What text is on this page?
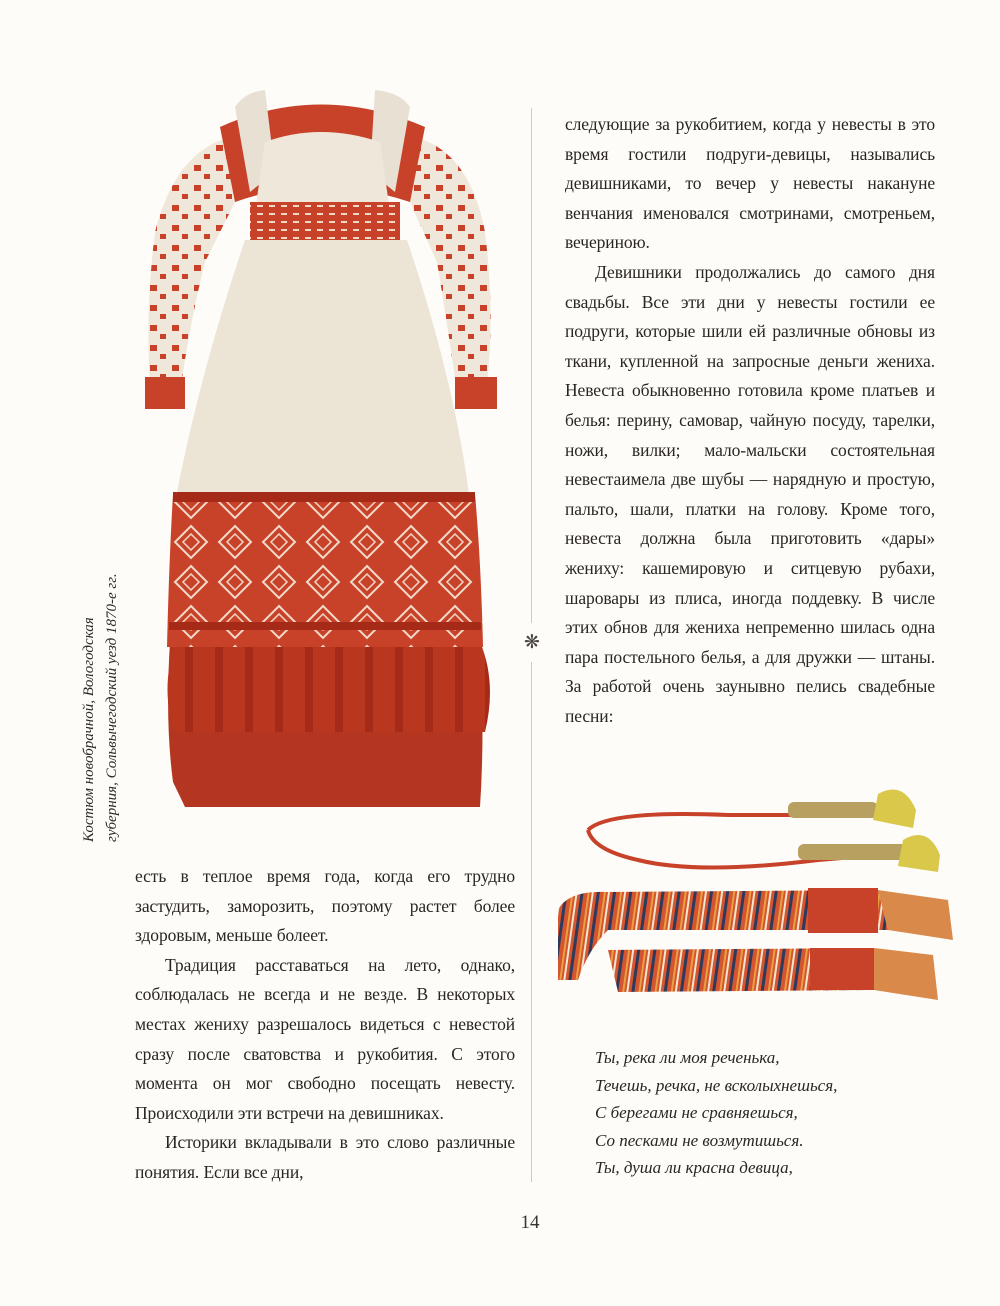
Костюм новобрачной, Вологодская губерния, Сольвычегодский уезд 1870-е гг.	❋

следующие за рукобитием, когда у невесты в это время гостили подруги-девицы, назывались девишниками, то вечер у невесты накануне венчания именовался смотринами, смотреньем, вечериною.

Девишники продолжались до самого дня свадьбы. Все эти дни у невесты гостили ее подруги, которые шили ей различные обновы из ткани, купленной на запросные деньги жениха. Невеста обыкновенно готовила кроме платьев и белья: перину, самовар, чайную посуду, тарелки, ножи, вилки; мало-мальски состоятельная невестаимела две шубы — нарядную и простую, пальто, шали, платки на голову. Кроме того, невеста должна была приготовить «дары» жениху: кашемировую и ситцевую рубахи, шаровары из плиса, иногда поддевку. В числе этих обнов для жениха непременно шилась одна пара постельного белья, а для дружки — штаны. За работой очень заунывно пелись свадебные песни:

есть в теплое время года, когда его трудно застудить, заморозить, поэтому растет более здоровым, меньше болеет.

Традиция расставаться на лето, однако, соблюдалась не всегда и не везде. В некоторых местах жениху разрешалось видеться с невестой сразу после сватовства и рукобития. С этого момента он мог свободно посещать невесту. Происходили эти встречи на девишниках.

Историки вкладывали в это слово различные понятия. Если все дни,

Ты, река ли моя реченька,
Течешь, речка, не всколыхнешься,
С берегами не сравняешься,
Со песками не возмутишься.
Ты, душа ли красна девица,
14
